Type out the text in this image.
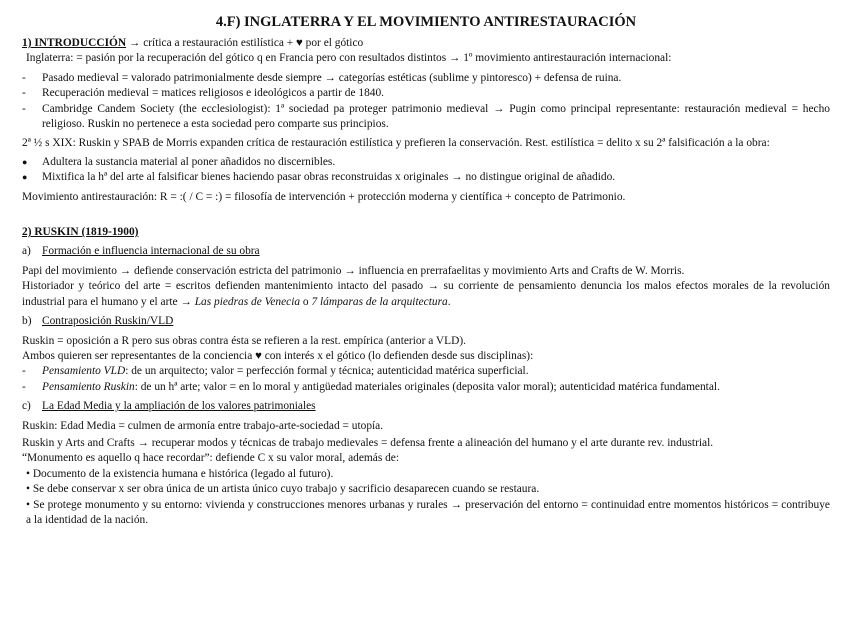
4.F) INGLATERRA Y EL MOVIMIENTO ANTIRESTAURACIÓN
1) INTRODUCCIÓN → crítica a restauración estilística + ♥ por el gótico
Inglaterra: = pasión por la recuperación del gótico q en Francia pero con resultados distintos → 1º movimiento antirestauración internacional:
- Pasado medieval = valorado patrimonialmente desde siempre → categorías estéticas (sublime y pintoresco) + defensa de ruina.
- Recuperación medieval = matices religiosos e ideológicos a partir de 1840.
- Cambridge Candem Society (the ecclesiologist): 1ª sociedad pa proteger patrimonio medieval → Pugin como principal representante: restauración medieval = hecho religioso. Ruskin no pertenece a esta sociedad pero comparte sus principios.
2ª ½ s XIX: Ruskin y SPAB de Morris expanden crítica de restauración estilística y prefieren la conservación. Rest. estilística = delito x su 2ª falsificación a la obra:
● Adultera la sustancia material al poner añadidos no discernibles.
● Mixtifica la hª del arte al falsificar bienes haciendo pasar obras reconstruidas x originales → no distingue original de añadido.
Movimiento antirestauración: R = :( / C = :) = filosofía de intervención + protección moderna y científica + concepto de Patrimonio.
2) RUSKIN (1819-1900)
a) Formación e influencia internacional de su obra
Papi del movimiento → defiende conservación estricta del patrimonio → influencia en prerrafaelitas y movimiento Arts and Crafts de W. Morris.
Historiador y teórico del arte = escritos defienden mantenimiento intacto del pasado → su corriente de pensamiento denuncia los malos efectos morales de la revolución industrial para el humano y el arte → Las piedras de Venecia o 7 lámparas de la arquitectura.
b) Contraposición Ruskin/VLD
Ruskin = oposición a R pero sus obras contra ésta se refieren a la rest. empírica (anterior a VLD).
Ambos quieren ser representantes de la conciencia ♥ con interés x el gótico (lo defienden desde sus disciplinas):
- Pensamiento VLD: de un arquitecto; valor = perfección formal y técnica; autenticidad matérica superficial.
- Pensamiento Ruskin: de un hª arte; valor = en lo moral y antigüedad materiales originales (deposita valor moral); autenticidad matérica fundamental.
c) La Edad Media y la ampliación de los valores patrimoniales
Ruskin: Edad Media = culmen de armonía entre trabajo-arte-sociedad = utopía.
Ruskin y Arts and Crafts → recuperar modos y técnicas de trabajo medievales = defensa frente a alineación del humano y el arte durante rev. industrial.
“Monumento es aquello q hace recordar”: defiende C x su valor moral, además de:
• Documento de la existencia humana e histórica (legado al futuro).
• Se debe conservar x ser obra única de un artista único cuyo trabajo y sacrificio desaparecen cuando se restaura.
• Se protege monumento y su entorno: vivienda y construcciones menores urbanas y rurales → preservación del entorno = continuidad entre momentos históricos = contribuye a la identidad de la nación.
